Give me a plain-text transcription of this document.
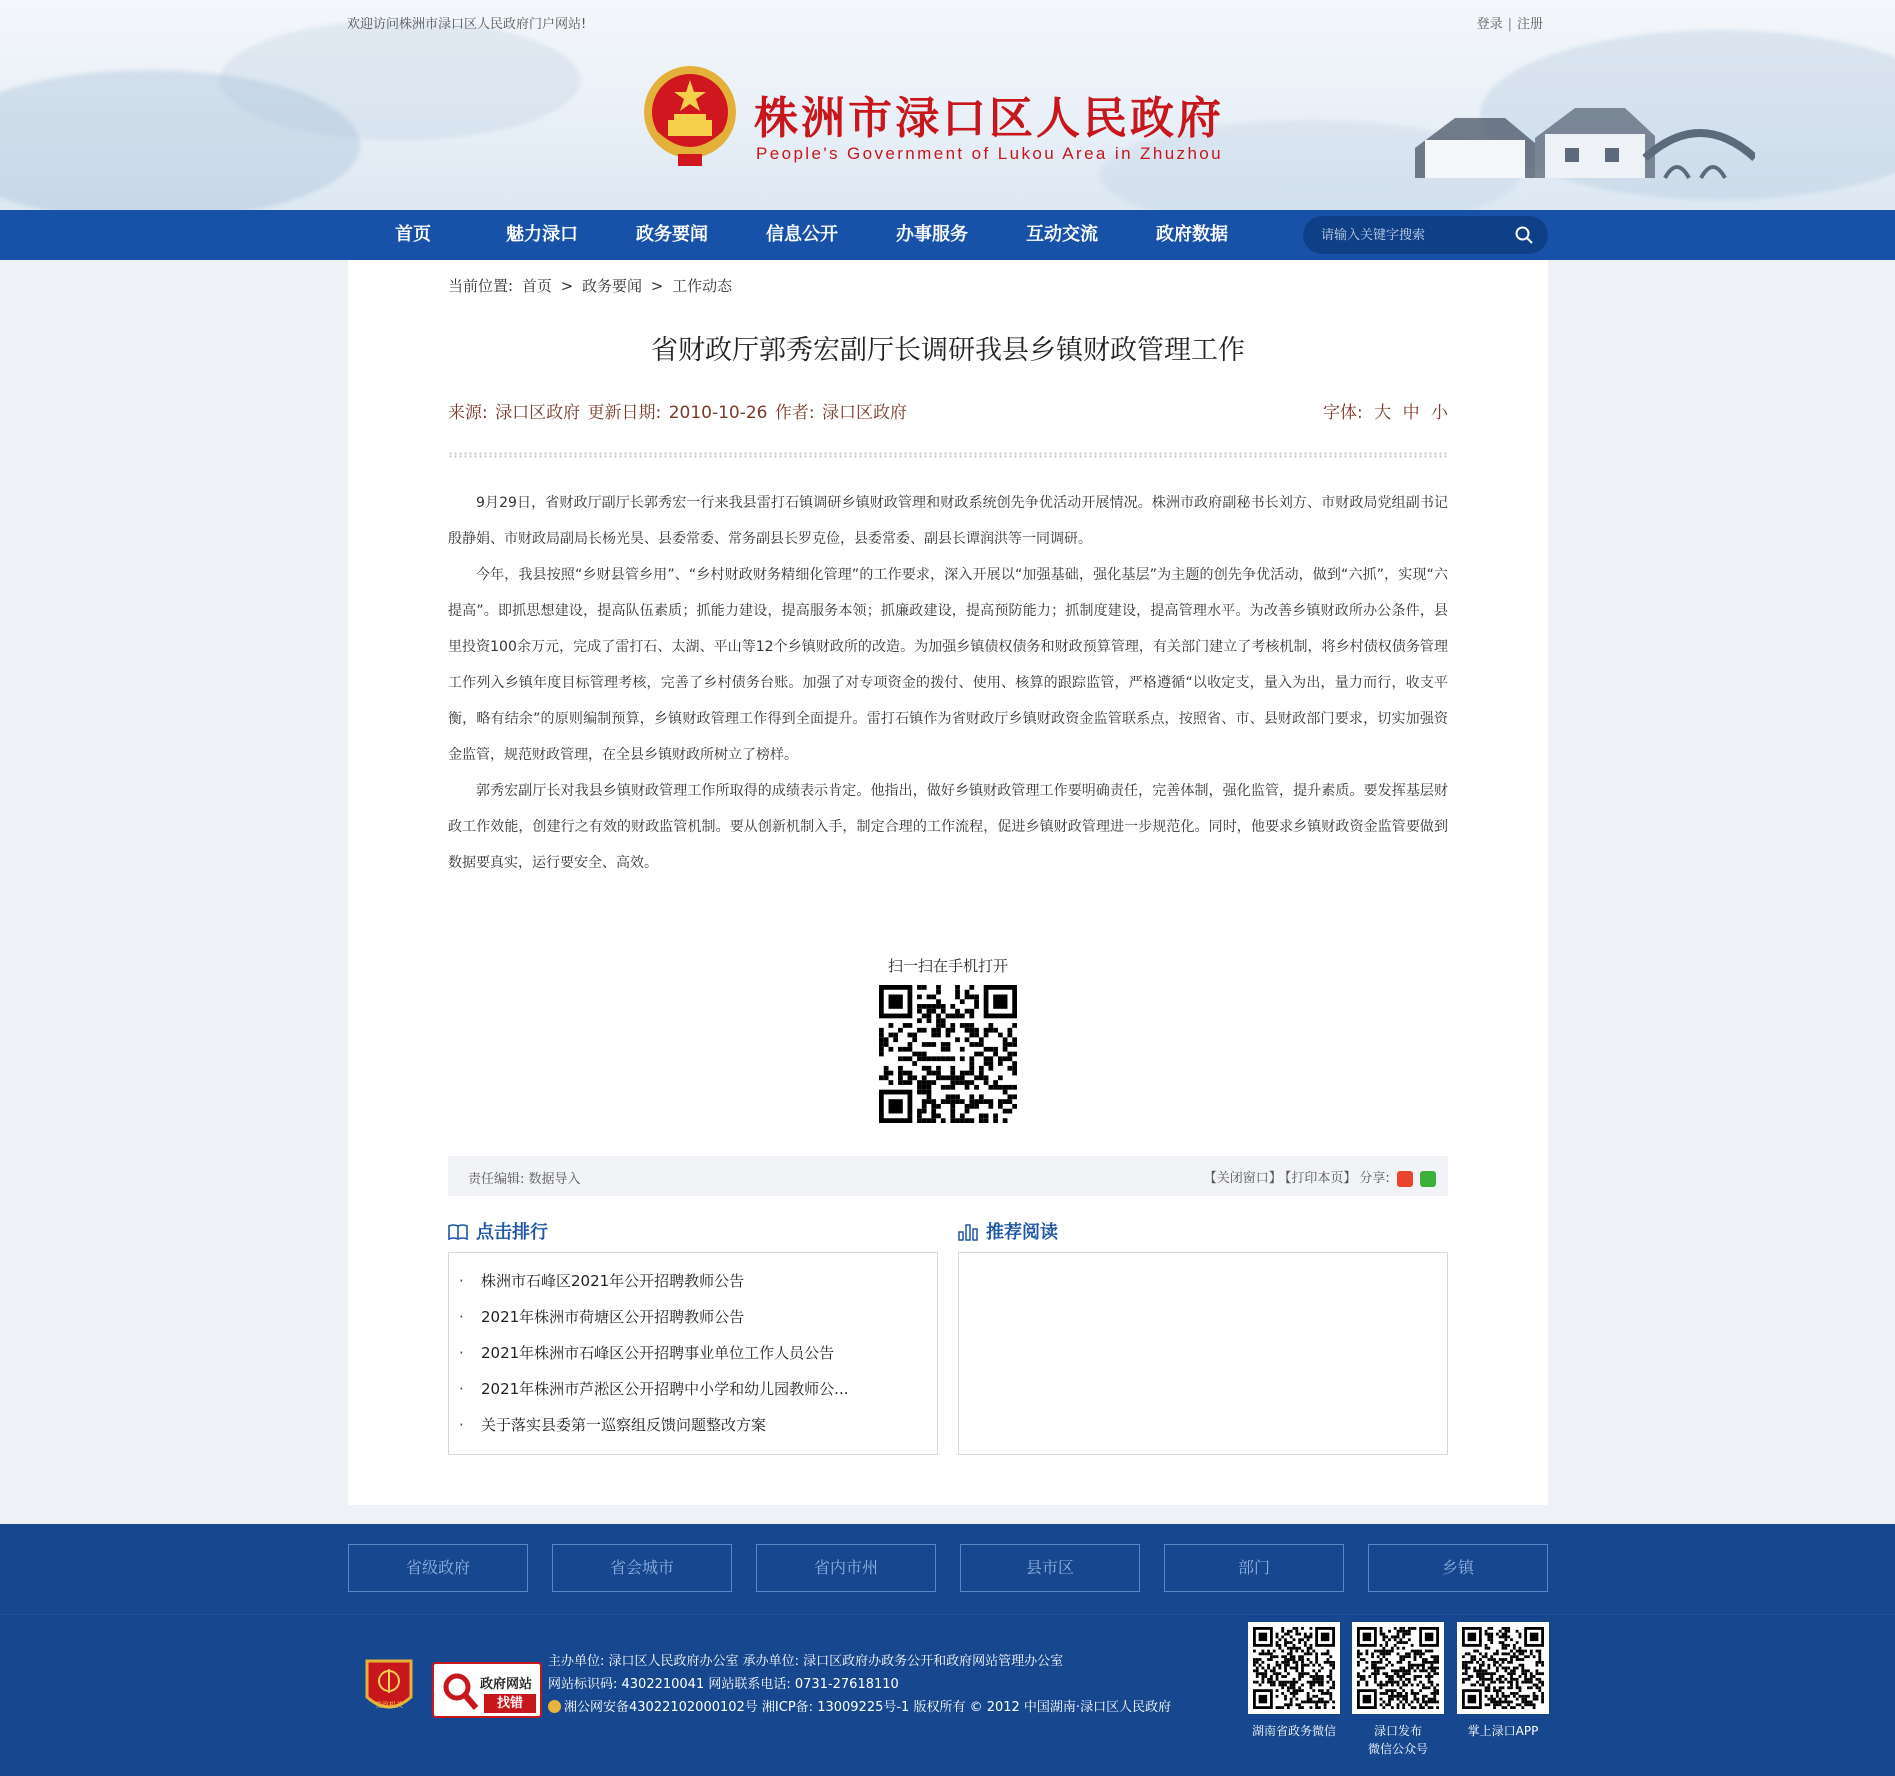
欢迎访问株洲市渌口区人民政府门户网站!	登录 | 注册
株洲市渌口区人民政府
People's Government of Lukou Area in Zhuzhou
首页	魅力渌口	政务要闻	信息公开	办事服务	互动交流	政府数据
请输入关键字搜索
当前位置: 首页 > 政务要闻 > 工作动态
省财政厅郭秀宏副厅长调研我县乡镇财政管理工作
来源: 渌口区政府 更新日期: 2010-10-26 作者: 渌口区政府	字体: 大 中 小

9月29日，省财政厅副厅长郭秀宏一行来我县雷打石镇调研乡镇财政管理和财政系统创先争优活动开展情况。株洲市政府副秘书长刘方、市财政局党组副书记殷静娟、市财政局副局长杨光昊、县委常委、常务副县长罗克俭，县委常委、副县长谭润洪等一同调研。

今年，我县按照“乡财县管乡用”、“乡村财政财务精细化管理”的工作要求，深入开展以“加强基础，强化基层”为主题的创先争优活动，做到“六抓”，实现“六提高”。即抓思想建设，提高队伍素质；抓能力建设，提高服务本领；抓廉政建设，提高预防能力；抓制度建设，提高管理水平。为改善乡镇财政所办公条件，县里投资100余万元，完成了雷打石、太湖、平山等12个乡镇财政所的改造。为加强乡镇债权债务和财政预算管理，有关部门建立了考核机制，将乡村债权债务管理工作列入乡镇年度目标管理考核，完善了乡村债务台账。加强了对专项资金的拨付、使用、核算的跟踪监管，严格遵循“以收定支，量入为出，量力而行，收支平衡，略有结余”的原则编制预算，乡镇财政管理工作得到全面提升。雷打石镇作为省财政厅乡镇财政资金监管联系点，按照省、市、县财政部门要求，切实加强资金监管，规范财政管理，在全县乡镇财政所树立了榜样。

郭秀宏副厅长对我县乡镇财政管理工作所取得的成绩表示肯定。他指出，做好乡镇财政管理工作要明确责任，完善体制，强化监管，提升素质。要发挥基层财政工作效能，创建行之有效的财政监管机制。要从创新机制入手，制定合理的工作流程，促进乡镇财政管理进一步规范化。同时，他要求乡镇财政资金监管要做到数据要真实，运行要安全、高效。

扫一扫在手机打开
责任编辑: 数据导入	【关闭窗口】 【打印本页】 分享:
点击排行
· 株洲市石峰区2021年公开招聘教师公告
· 2021年株洲市荷塘区公开招聘教师公告
· 2021年株洲市石峰区公开招聘事业单位工作人员公告
· 2021年株洲市芦淞区公开招聘中小学和幼儿园教师公...
· 关于落实县委第一巡察组反馈问题整改方案
推荐阅读
省级政府	省会城市	省内市州	县市区	部门	乡镇
党政机关
政府网站
找错
主办单位: 渌口区人民政府办公室 承办单位: 渌口区政府办政务公开和政府网站管理办公室
网站标识码: 4302210041 网站联系电话: 0731-27618110
湘公网安备43022102000102号 湘ICP备: 13009225号-1 版权所有 © 2012 中国湖南·渌口区人民政府
湖南省政务微信	渌口发布
微信公众号
掌上渌口APP
